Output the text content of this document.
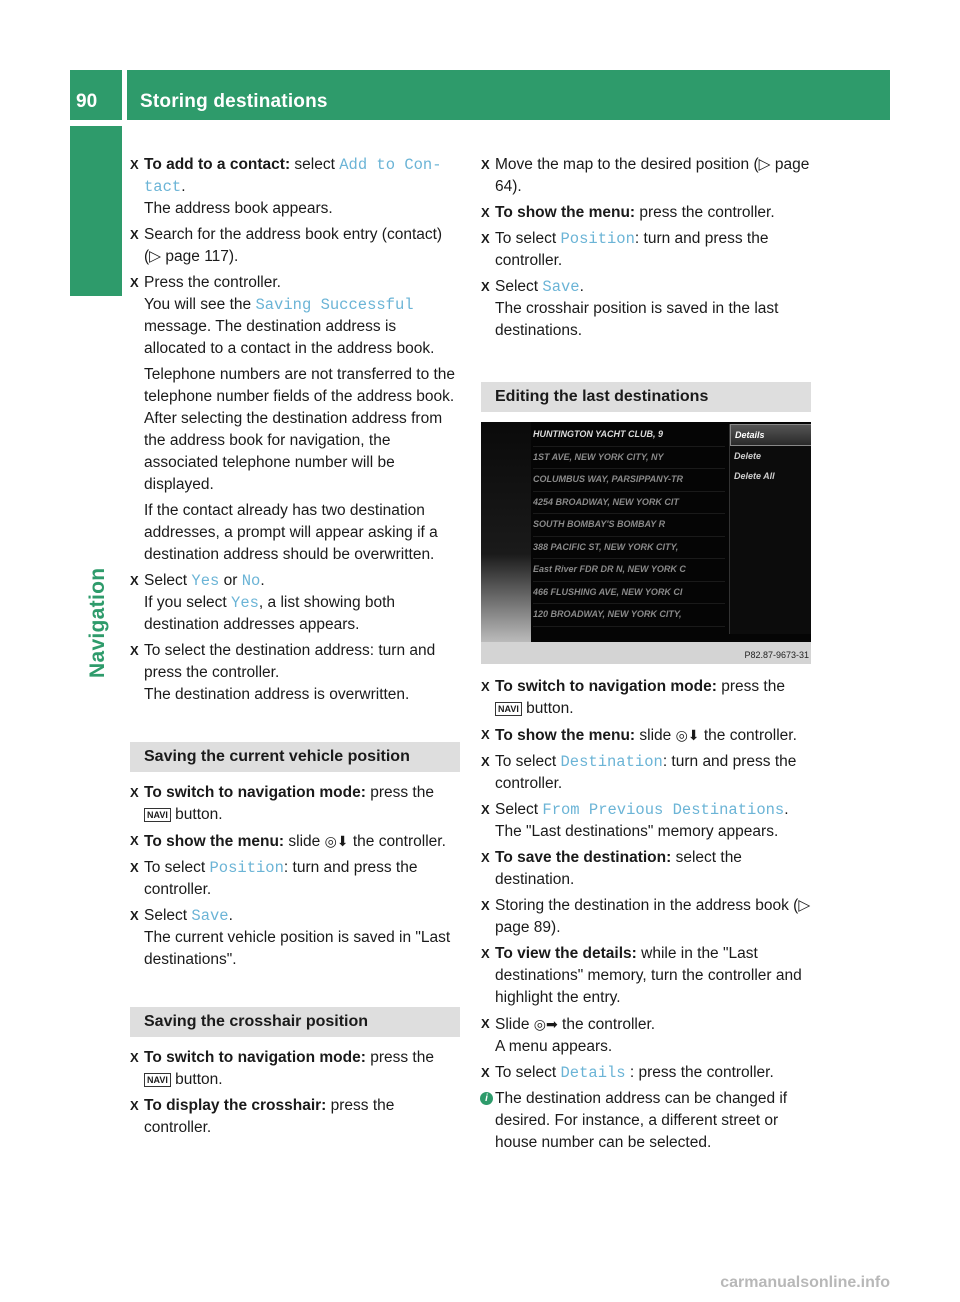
90 Storing destinations
Navigation
X To add to a contact: select Add to Con-
tact.
The address book appears.
X Search for the address book entry (contact) (▷ page 117).
X Press the controller.
You will see the Saving Successful message. The destination address is allocated to a contact in the address book.
Telephone numbers are not transferred to the telephone number fields of the address book. After selecting the destination address from the address book for navigation, the associated telephone number will be displayed.
If the contact already has two destination addresses, a prompt will appear asking if a destination address should be overwritten.
X Select Yes or No.
If you select Yes, a list showing both destination addresses appears.
X To select the destination address: turn and press the controller.
The destination address is overwritten.
Saving the current vehicle position
X To switch to navigation mode: press the NAVI button.
X To show the menu: slide ◎⬇ the controller.
X To select Position: turn and press the controller.
X Select Save.
The current vehicle position is saved in "Last destinations".
Saving the crosshair position
X To switch to navigation mode: press the NAVI button.
X To display the crosshair: press the controller.
X Move the map to the desired position (▷ page 64).
X To show the menu: press the controller.
X To select Position: turn and press the controller.
X Select Save.
The crosshair position is saved in the last destinations.
Editing the last destinations
HUNTINGTON YACHT CLUB, 9
1ST AVE, NEW YORK CITY, NY
COLUMBUS WAY, PARSIPPANY-TR
4254 BROADWAY, NEW YORK CIT
SOUTH BOMBAY'S BOMBAY R
388 PACIFIC ST, NEW YORK CITY,
East River FDR DR N, NEW YORK C
466 FLUSHING AVE, NEW YORK CI
120 BROADWAY, NEW YORK CITY,
Details
Delete
Delete All
P82.87-9673-31
X To switch to navigation mode: press the NAVI button.
X To show the menu: slide ◎⬇ the controller.
X To select Destination: turn and press the controller.
X Select From Previous Destinations.
The "Last destinations" memory appears.
X To save the destination: select the destination.
X Storing the destination in the address book (▷ page 89).
X To view the details: while in the "Last destinations" memory, turn the controller and highlight the entry.
X Slide ◎➡ the controller.
A menu appears.
X To select Details : press the controller.
i The destination address can be changed if desired. For instance, a different street or house number can be selected.
carmanualsonline.info
